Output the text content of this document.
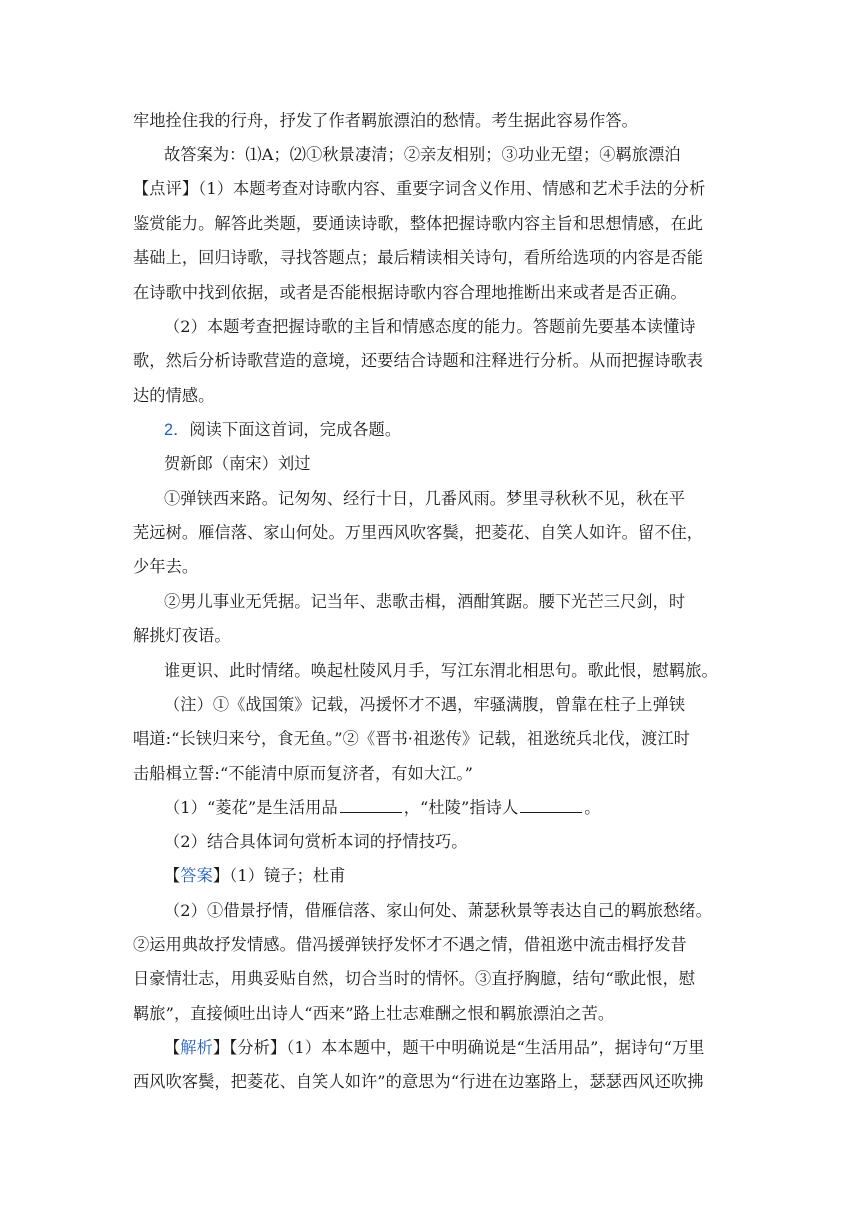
牢地拴住我的行舟，抒发了作者羁旅漂泊的愁情。考生据此容易作答。
故答案为：⑴A；⑵①秋景凄清；②亲友相别；③功业无望；④羁旅漂泊
【点评】（1）本题考查对诗歌内容、重要字词含义作用、情感和艺术手法的分析
鉴赏能力。解答此类题，要通读诗歌，整体把握诗歌内容主旨和思想情感，在此
基础上，回归诗歌，寻找答题点；最后精读相关诗句，看所给选项的内容是否能
在诗歌中找到依据，或者是否能根据诗歌内容合理地推断出来或者是否正确。
（2）本题考查把握诗歌的主旨和情感态度的能力。答题前先要基本读懂诗
歌，然后分析诗歌营造的意境，还要结合诗题和注释进行分析。从而把握诗歌表
达的情感。
2．阅读下面这首词，完成各题。
贺新郎（南宋）刘过
①弹铗西来路。记匆匆、经行十日，几番风雨。梦里寻秋秋不见，秋在平
芜远树。雁信落、家山何处。万里西风吹客鬓，把菱花、自笑人如许。留不住，
少年去。
②男儿事业无凭据。记当年、悲歌击楫，酒酣箕踞。腰下光芒三尺剑，时
解挑灯夜语。
谁更识、此时情绪。唤起杜陵风月手，写江东渭北相思句。歌此恨，慰羁旅。
（注）①《战国策》记载，冯援怀才不遇，牢骚满腹，曾靠在柱子上弹铗
唱道:“长铗归来兮，食无鱼。”②《晋书·祖逖传》记载，祖逖统兵北伐，渡江时
击船楫立誓:“不能清中原而复济者，有如大江。”
（1）“菱花”是生活用品	，“杜陵”指诗人	。
（2）结合具体词句赏析本词的抒情技巧。
【答案】（1）镜子；杜甫
（2）①借景抒情，借雁信落、家山何处、萧瑟秋景等表达自己的羁旅愁绪。
②运用典故抒发情感。借冯援弹铗抒发怀才不遇之情，借祖逖中流击楫抒发昔
日豪情壮志，用典妥贴自然，切合当时的情怀。③直抒胸臆，结句“歌此恨，慰
羁旅”，直接倾吐出诗人“西来”路上壮志难酬之恨和羁旅漂泊之苦。
【解析】【分析】（1）本本题中，题干中明确说是“生活用品”，据诗句“万里
西风吹客鬓，把菱花、自笑人如许”的意思为“行进在边塞路上，瑟瑟西风还吹拂
